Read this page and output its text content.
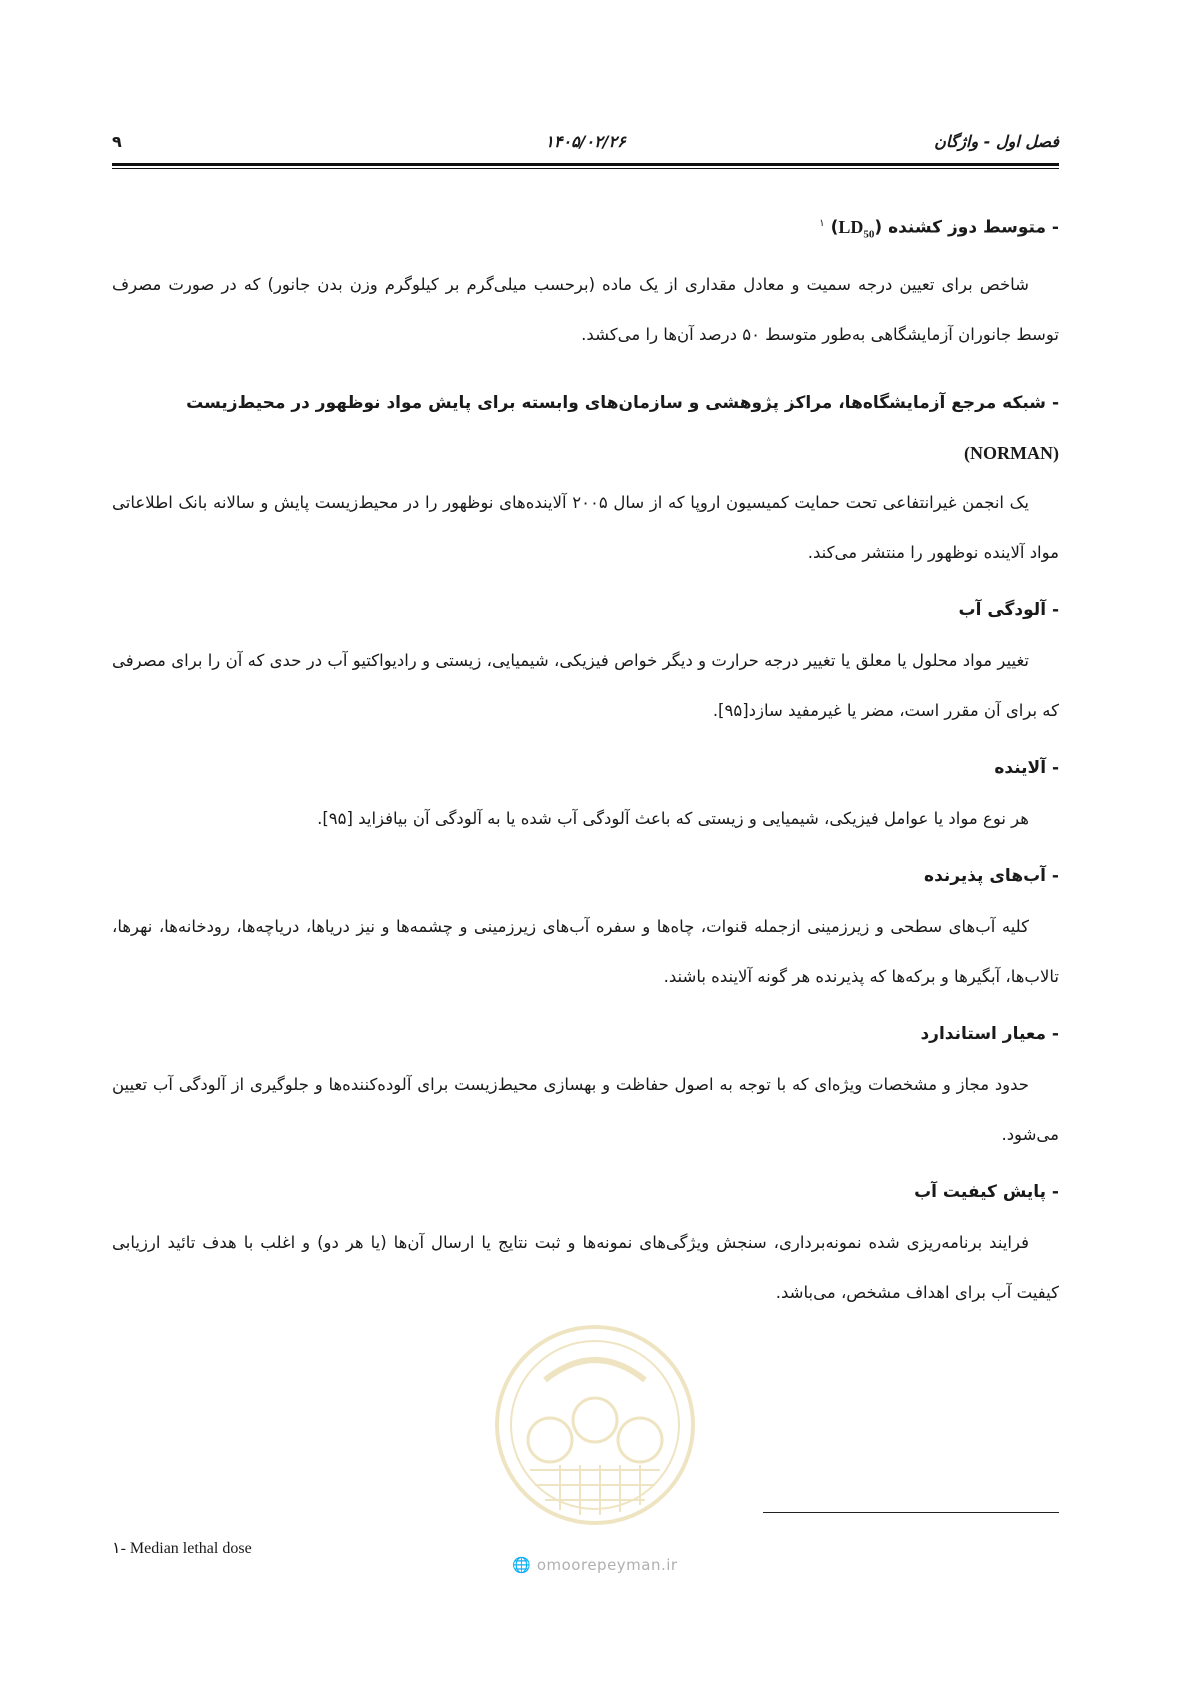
فصل اول - واژگان
۱۴۰۵/۰۲/۲۶
۹

- متوسط دوز کشنده $(LD_{50})$ $^۱$

شاخص برای تعیین درجه سمیت و معادل مقداری از یک ماده (برحسب میلی‌گرم بر کیلوگرم وزن بدن جانور) که در صورت مصرف توسط جانوران آزمایشگاهی به‌طور متوسط ۵۰ درصد آن‌ها را می‌کشد.

- شبکه مرجع آزمایشگاه‌ها، مراکز پژوهشی و سازمان‌های وابسته برای پایش مواد نوظهور در محیط‌زیست
(NORMAN)

یک انجمن غیرانتفاعی تحت حمایت کمیسیون اروپا که از سال ۲۰۰۵ آلاینده‌های نوظهور را در محیط‌زیست پایش و سالانه بانک اطلاعاتی مواد آلاینده نوظهور را منتشر می‌کند.

- آلودگی آب

تغییر مواد محلول یا معلق یا تغییر درجه حرارت و دیگر خواص فیزیکی، شیمیایی، زیستی و رادیواکتیو آب در حدی که آن را برای مصرفی که برای آن مقرر است، مضر یا غیرمفید سازد[۹۵].

- آلاینده

هر نوع مواد یا عوامل فیزیکی، شیمیایی و زیستی که باعث آلودگی آب شده یا به آلودگی آن بیافزاید [۹۵].

- آب‌های پذیرنده

کلیه آب‌های سطحی و زیرزمینی ازجمله قنوات، چاه‌ها و سفره آب‌های زیرزمینی و چشمه‌ها و نیز دریاها، دریاچه‌ها، رودخانه‌ها، نهرها، تالاب‌ها، آبگیرها و برکه‌ها که پذیرنده هر گونه آلاینده باشند.

- معیار استاندارد

حدود مجاز و مشخصات ویژه‌ای که با توجه به اصول حفاظت و بهسازی محیط‌زیست برای آلوده‌کننده‌ها و جلوگیری از آلودگی آب تعیین می‌شود.

- پایش کیفیت آب

فرایند برنامه‌ریزی شده نمونه‌برداری، سنجش ویژگی‌های نمونه‌ها و ثبت نتایج یا ارسال آن‌ها (یا هر دو) و اغلب با هدف تائید ارزیابی کیفیت آب برای اهداف مشخص، می‌باشد.

🌐 omoorepeyman.ir
۱- Median lethal dose
